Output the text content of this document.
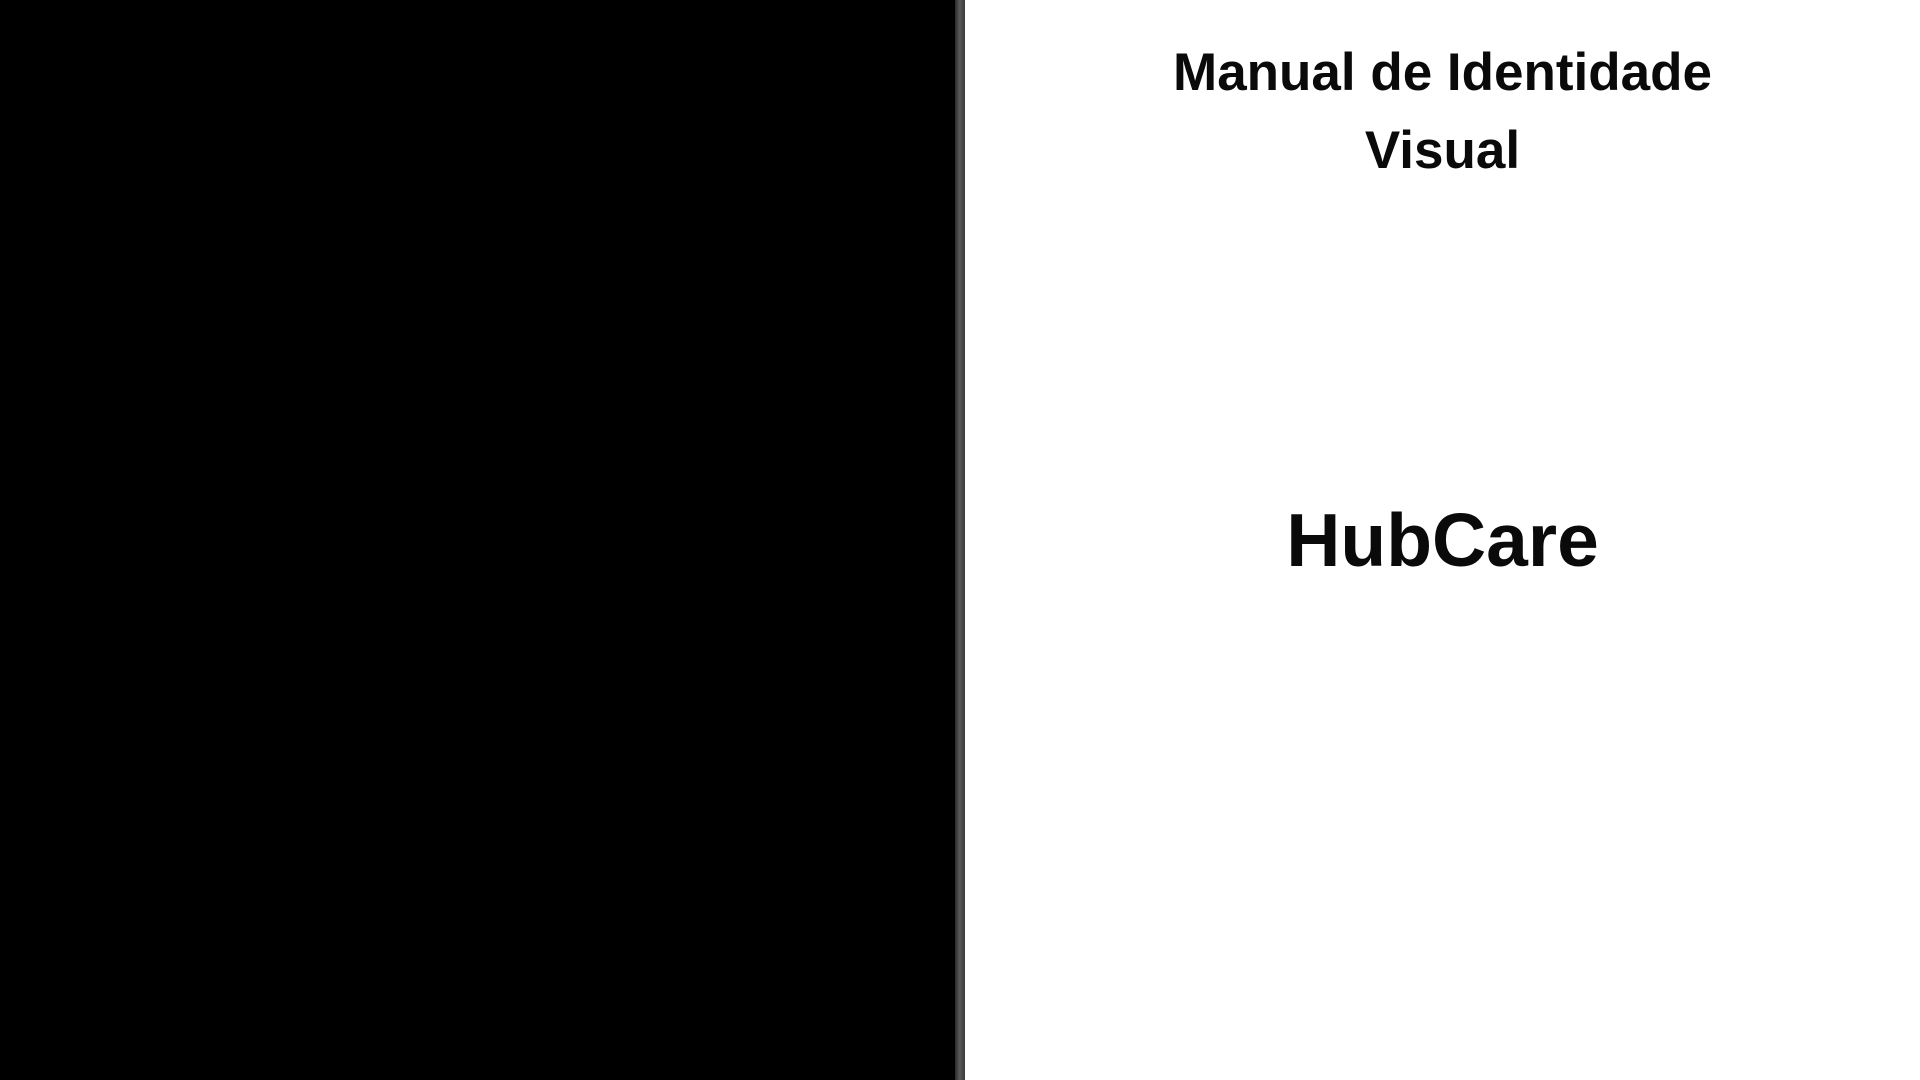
Manual de Identidade
Visual
HubCare
